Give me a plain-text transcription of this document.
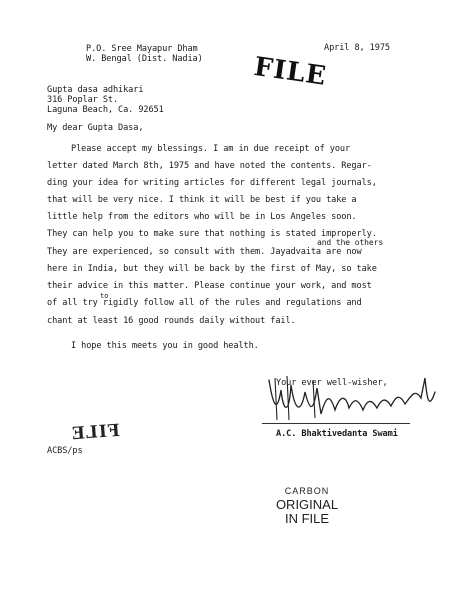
P.O. Sree Mayapur Dham
W. Bengal (Dist. Nadia)
April 8, 1975
FILE
Gupta dasa adhikari
316 Poplar St.
Laguna Beach, Ca. 92651
My dear Gupta Dasa,
Please accept my blessings. I am in due receipt of your
letter dated March 8th, 1975 and have noted the contents. Regar-
ding your idea for writing articles for different legal journals,
that will be very nice. I think it will be best if you take a
little help from the editors who will be in Los Angeles soon.
They can help you to make sure that nothing is stated improperly.
and the others
They are experienced, so consult with them. Jayadvaita are now
here in India, but they will be back by the first of May, so take
their advice in this matter. Please continue your work, and most
to
of all try rigidly follow all of the rules and regulations and
chant at least 16 good rounds daily without fail.
I hope this meets you in good health.
Your ever well-wisher,
A.C. Bhaktivedanta Swami
FILE
ACBS/ps
CARBON
ORIGINAL
IN FILE
